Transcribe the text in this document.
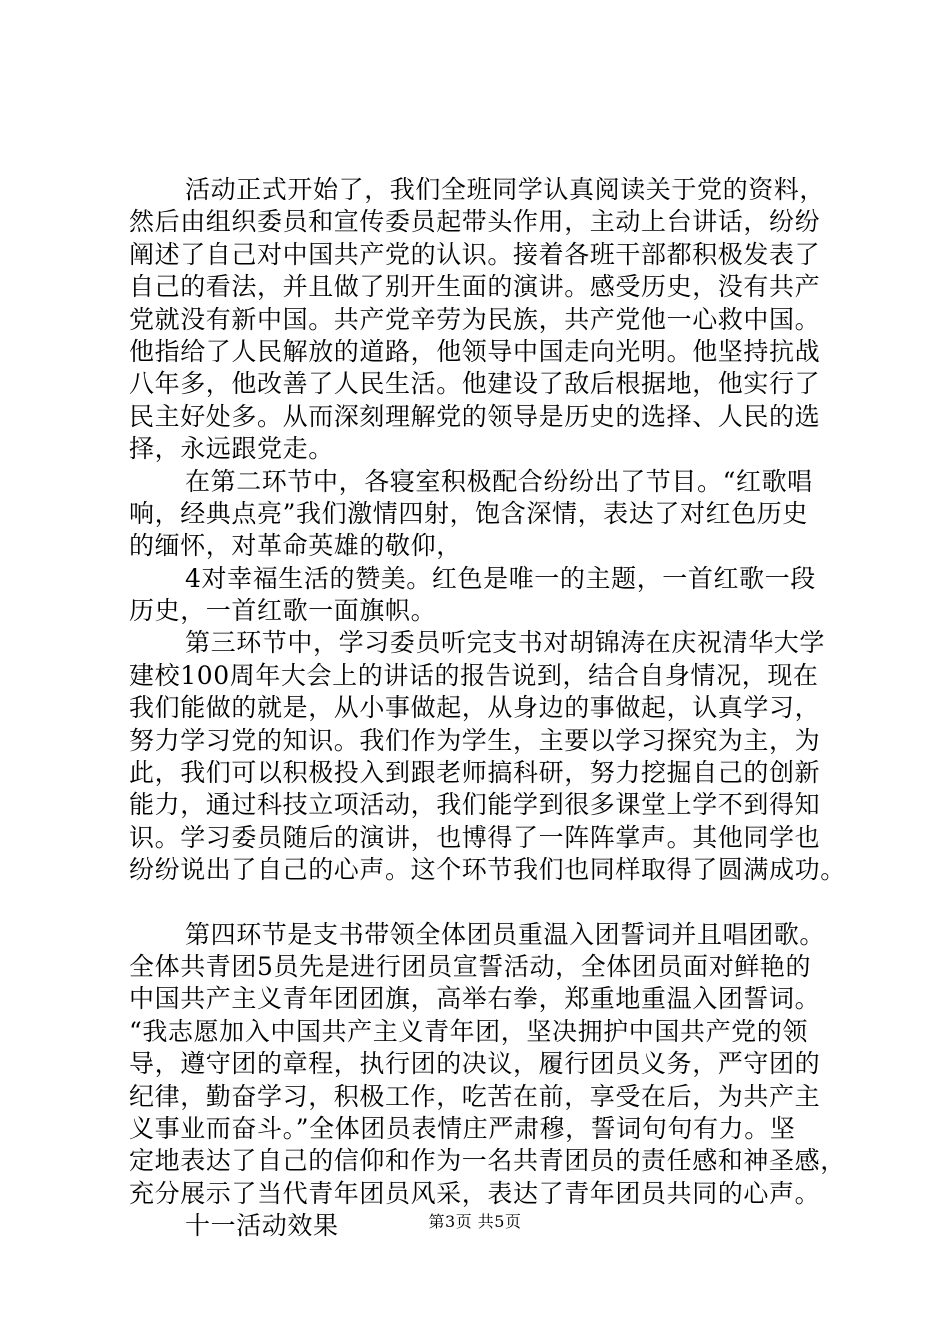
活动正式开始了，我们全班同学认真阅读关于党的资料，
然后由组织委员和宣传委员起带头作用，主动上台讲话，纷纷
阐述了自己对中国共产党的认识。接着各班干部都积极发表了
自己的看法，并且做了别开生面的演讲。感受历史，没有共产
党就没有新中国。共产党辛劳为民族，共产党他一心救中国。
他指给了人民解放的道路，他领导中国走向光明。他坚持抗战
八年多，他改善了人民生活。他建设了敌后根据地，他实行了
民主好处多。从而深刻理解党的领导是历史的选择、人民的选
择，永远跟党走。
在第二环节中，各寝室积极配合纷纷出了节目。“红歌唱
响，经典点亮”我们激情四射，饱含深情，表达了对红色历史
的缅怀，对革命英雄的敬仰，
4对幸福生活的赞美。红色是唯一的主题，一首红歌一段
历史，一首红歌一面旗帜。
第三环节中，学习委员听完支书对胡锦涛在庆祝清华大学
建校100周年大会上的讲话的报告说到，结合自身情况，现在
我们能做的就是，从小事做起，从身边的事做起，认真学习，
努力学习党的知识。我们作为学生，主要以学习探究为主，为
此，我们可以积极投入到跟老师搞科研，努力挖掘自己的创新
能力，通过科技立项活动，我们能学到很多课堂上学不到得知
识。学习委员随后的演讲，也博得了一阵阵掌声。其他同学也
纷纷说出了自己的心声。这个环节我们也同样取得了圆满成功。
第四环节是支书带领全体团员重温入团誓词并且唱团歌。
全体共青团5员先是进行团员宣誓活动，全体团员面对鲜艳的
中国共产主义青年团团旗，高举右拳，郑重地重温入团誓词。
“我志愿加入中国共产主义青年团，坚决拥护中国共产党的领
导，遵守团的章程，执行团的决议，履行团员义务，严守团的
纪律，勤奋学习，积极工作，吃苦在前，享受在后，为共产主
义事业而奋斗。”全体团员表情庄严肃穆，誓词句句有力。坚
定地表达了自己的信仰和作为一名共青团员的责任感和神圣感，
充分展示了当代青年团员风采，表达了青年团员共同的心声。
十一活动效果	第3页 共5页
